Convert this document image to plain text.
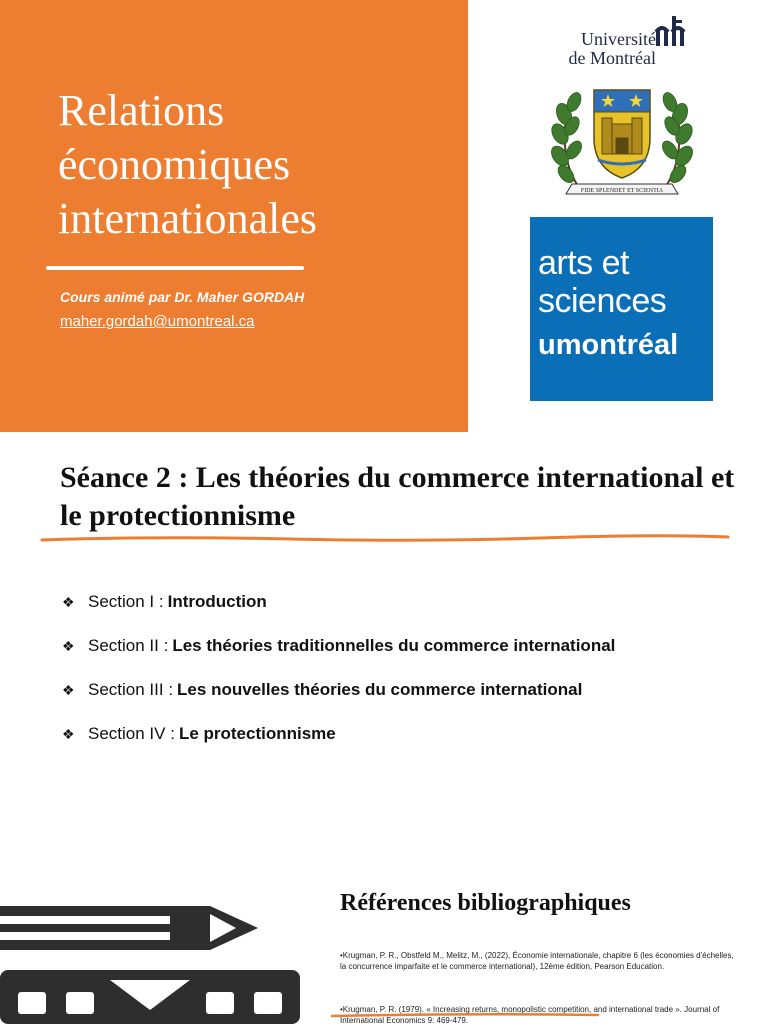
Relations économiques internationales
Cours animé par Dr. Maher GORDAH
maher.gordah@umontreal.ca
Université
de Montréal
FIDE SPLENDET ET SCIENTIA
arts et
sciences
umontréal
Séance 2 : Les théories du commerce international et le protectionnisme
❖ Section I : Introduction
❖ Section II : Les théories traditionnelles du commerce international
❖ Section III : Les nouvelles théories du commerce international
❖ Section IV : Le protectionnisme
Références bibliographiques
•Krugman, P. R., Obstfeld M., Melitz, M., (2022), Économie internationale, chapitre 6 (les économies d'échelles, la concurrence imparfaite et le commerce international), 12ème édition, Pearson Education.
•Krugman, P. R. (1979). « Increasing returns, monopolistic competition, and international trade ». Journal of International Economics 9: 469-479.
